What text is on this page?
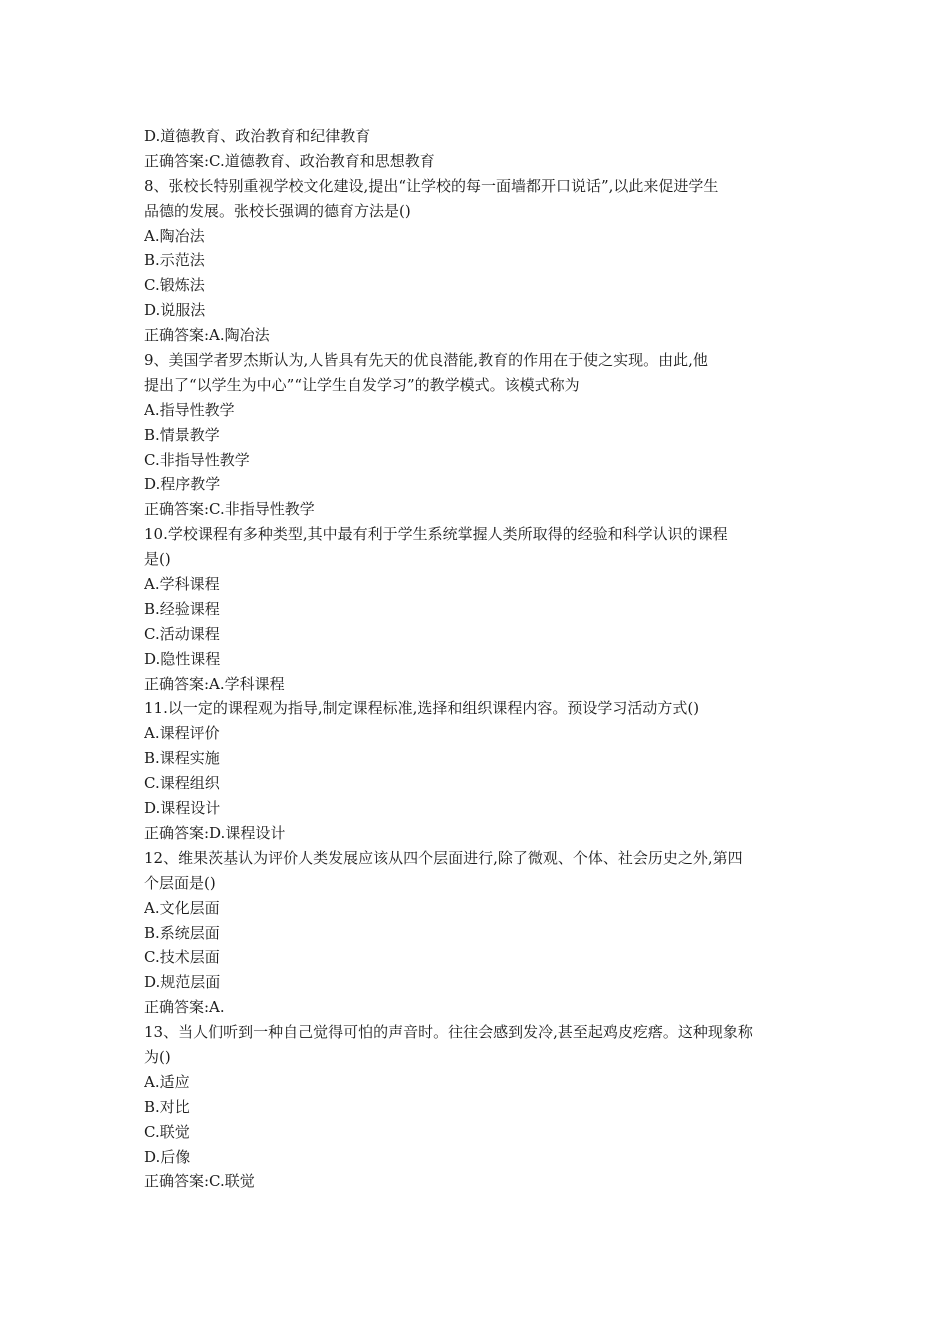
D.道德教育、政治教育和纪律教育
正确答案:C.道德教育、政治教育和思想教育
8、张校长特别重视学校文化建设,提出“让学校的每一面墙都开口说话”,以此来促进学生
品德的发展。张校长强调的德育方法是()
A.陶冶法
B.示范法
C.锻炼法
D.说服法
正确答案:A.陶冶法
9、美国学者罗杰斯认为,人皆具有先天的优良潜能,教育的作用在于使之实现。由此,他
提出了“以学生为中心”“让学生自发学习”的教学模式。该模式称为
A.指导性教学
B.情景教学
C.非指导性教学
D.程序教学
正确答案:C.非指导性教学
10.学校课程有多种类型,其中最有利于学生系统掌握人类所取得的经验和科学认识的课程
是()
A.学科课程
B.经验课程
C.活动课程
D.隐性课程
正确答案:A.学科课程
11.以一定的课程观为指导,制定课程标准,选择和组织课程内容。预设学习活动方式()
A.课程评价
B.课程实施
C.课程组织
D.课程设计
正确答案:D.课程设计
12、维果茨基认为评价人类发展应该从四个层面进行,除了微观、个体、社会历史之外,第四
个层面是()
A.文化层面
B.系统层面
C.技术层面
D.规范层面
正确答案:A.
13、当人们听到一种自己觉得可怕的声音时。往往会感到发冷,甚至起鸡皮疙瘩。这种现象称
为()
A.适应
B.对比
C.联觉
D.后像
正确答案:C.联觉
